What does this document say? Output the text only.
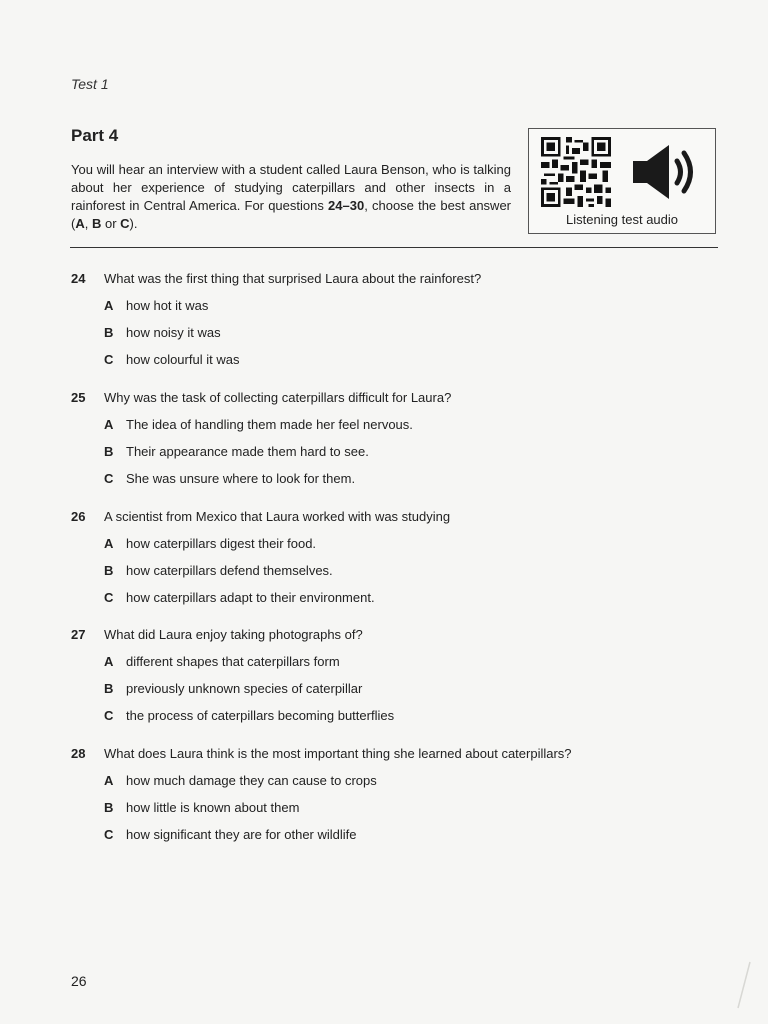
Test 1
Part 4
You will hear an interview with a student called Laura Benson, who is talking about her experience of studying caterpillars and other insects in a rainforest in Central America. For questions 24–30, choose the best answer (A, B or C).	Listening test audio
24	What was the first thing that surprised Laura about the rainforest?
A how hot it was
B how noisy it was
C how colourful it was
25	Why was the task of collecting caterpillars difficult for Laura?
A The idea of handling them made her feel nervous.
B Their appearance made them hard to see.
C She was unsure where to look for them.
26	A scientist from Mexico that Laura worked with was studying
A how caterpillars digest their food.
B how caterpillars defend themselves.
C how caterpillars adapt to their environment.
27	What did Laura enjoy taking photographs of?
A different shapes that caterpillars form
B previously unknown species of caterpillar
C the process of caterpillars becoming butterflies
28	What does Laura think is the most important thing she learned about caterpillars?
A how much damage they can cause to crops
B how little is known about them
C how significant they are for other wildlife
26
